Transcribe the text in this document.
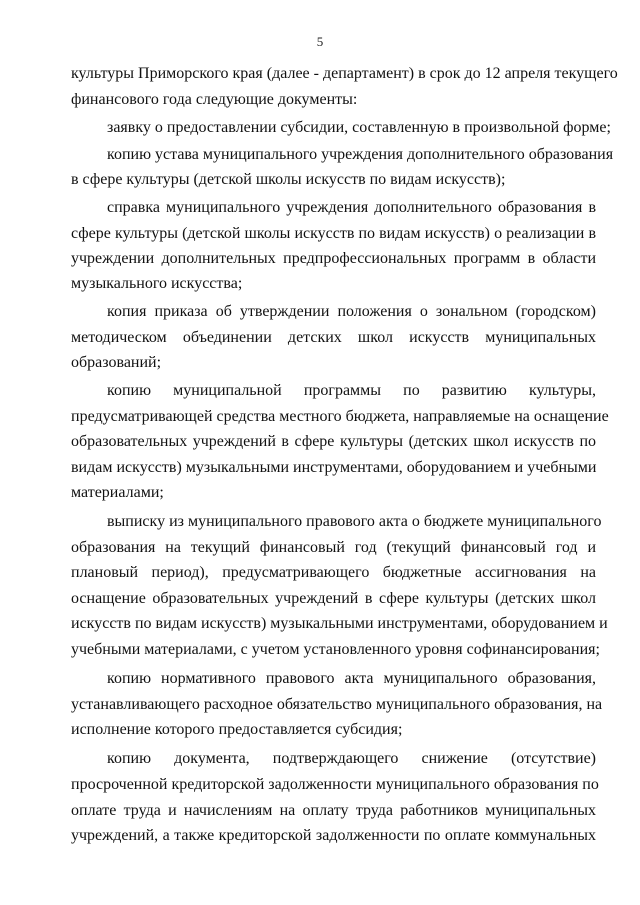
5
культуры Приморского края (далее - департамент) в срок до 12 апреля текущего
финансового года следующие документы:
заявку о предоставлении субсидии, составленную в произвольной форме;
копию устава муниципального учреждения дополнительного образования
в сфере культуры (детской школы искусств по видам искусств);
справка муниципального учреждения дополнительного образования в
сфере культуры (детской школы искусств по видам искусств) о реализации в
учреждении дополнительных предпрофессиональных программ в области
музыкального искусства;
копия приказа об утверждении положения о зональном (городском)
методическом объединении детских школ искусств муниципальных
образований;
копию муниципальной программы по развитию культуры,
предусматривающей средства местного бюджета, направляемые на оснащение
образовательных учреждений в сфере культуры (детских школ искусств по
видам искусств) музыкальными инструментами, оборудованием и учебными
материалами;
выписку из муниципального правового акта о бюджете муниципального
образования на текущий финансовый год (текущий финансовый год и
плановый период), предусматривающего бюджетные ассигнования на
оснащение образовательных учреждений в сфере культуры (детских школ
искусств по видам искусств) музыкальными инструментами, оборудованием и
учебными материалами, с учетом установленного уровня софинансирования;
копию нормативного правового акта муниципального образования,
устанавливающего расходное обязательство муниципального образования, на
исполнение которого предоставляется субсидия;
копию документа, подтверждающего снижение (отсутствие)
просроченной кредиторской задолженности муниципального образования по
оплате труда и начислениям на оплату труда работников муниципальных
учреждений, а также кредиторской задолженности по оплате коммунальных
